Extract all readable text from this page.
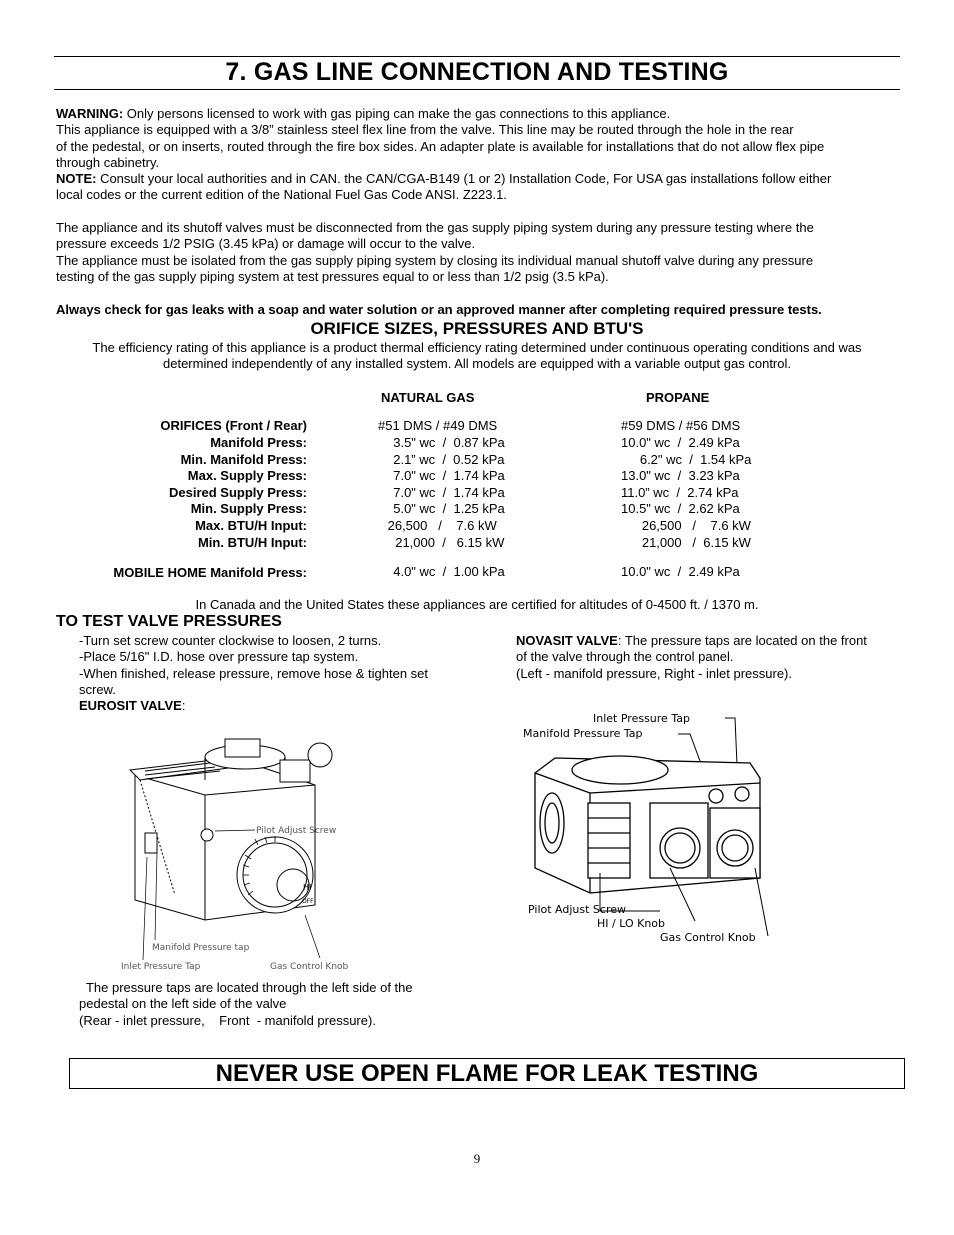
7. GAS LINE CONNECTION AND TESTING
WARNING: Only persons licensed to work with gas piping can make the gas connections to this appliance.
This appliance is equipped with a 3/8” stainless steel flex line from the valve. This line may be routed through the hole in the rear
of the pedestal, or on inserts, routed through the fire box sides. An adapter plate is available for installations that do not allow flex pipe
through cabinetry.
NOTE: Consult your local authorities and in CAN. the CAN/CGA-B149 (1 or 2) Installation Code, For USA gas installations follow either
local codes or the current edition of the National Fuel Gas Code ANSI. Z223.1.
The appliance and its shutoff valves must be disconnected from the gas supply piping system during any pressure testing where the
pressure exceeds 1/2 PSIG (3.45 kPa) or damage will occur to the valve.
The appliance must be isolated from the gas supply piping system by closing its individual manual shutoff valve during any pressure
testing of the gas supply piping system at test pressures equal to or less than 1/2 psig (3.5 kPa).
Always check for gas leaks with a soap and water solution or an approved manner after completing required pressure tests.
ORIFICE SIZES, PRESSURES AND BTU'S
The efficiency rating of this appliance is a product thermal efficiency rating determined under continuous operating conditions and was
determined independently of any installed system. All models are equipped with a variable output gas control.
NATURAL GAS	PROPANE
ORIFICES (Front / Rear)	#51 DMS / #49 DMS	#59 DMS / #56 DMS
Manifold Press:	3.5" wc  /  0.87 kPa	10.0" wc  /  2.49 kPa
Min. Manifold Press:	2.1” wc  /  0.52 kPa	6.2" wc  /  1.54 kPa
Max. Supply Press:	7.0" wc  /  1.74 kPa	13.0" wc  /  3.23 kPa
Desired Supply Press:	7.0" wc  /  1.74 kPa	11.0” wc  /  2.74 kPa
Min. Supply Press:	5.0" wc  /  1.25 kPa	10.5" wc  /  2.62 kPa
Max. BTU/H Input:	26,500   /    7.6 kW	26,500   /    7.6 kW
Min. BTU/H Input:	21,000  /   6.15 kW	21,000   /  6.15 kW
MOBILE HOME Manifold Press:	4.0" wc  /  1.00 kPa	10.0" wc  /  2.49 kPa
In Canada and the United States these appliances are certified for altitudes of 0-4500 ft. / 1370 m.
TO TEST VALVE PRESSURES
-Turn set screw counter clockwise to loosen, 2 turns.
-Place 5/16" I.D. hose over pressure tap system.
-When finished, release pressure, remove hose & tighten set
screw.
EUROSIT VALVE:
NOVASIT VALVE: The pressure taps are located on the front
of the valve through the control panel.
(Left - manifold pressure, Right - inlet pressure).
HI
OFF
Pilot Adjust Screw
Manifold Pressure tap
Inlet Pressure Tap	Gas Control Knob
Inlet Pressure Tap
Manifold Pressure Tap
Pilot Adjust Screw
HI / LO Knob
Gas Control Knob
The pressure taps are located through the left side of the
pedestal on the left side of the valve
(Rear - inlet pressure,    Front  - manifold pressure).
NEVER USE OPEN FLAME FOR LEAK TESTING
9
